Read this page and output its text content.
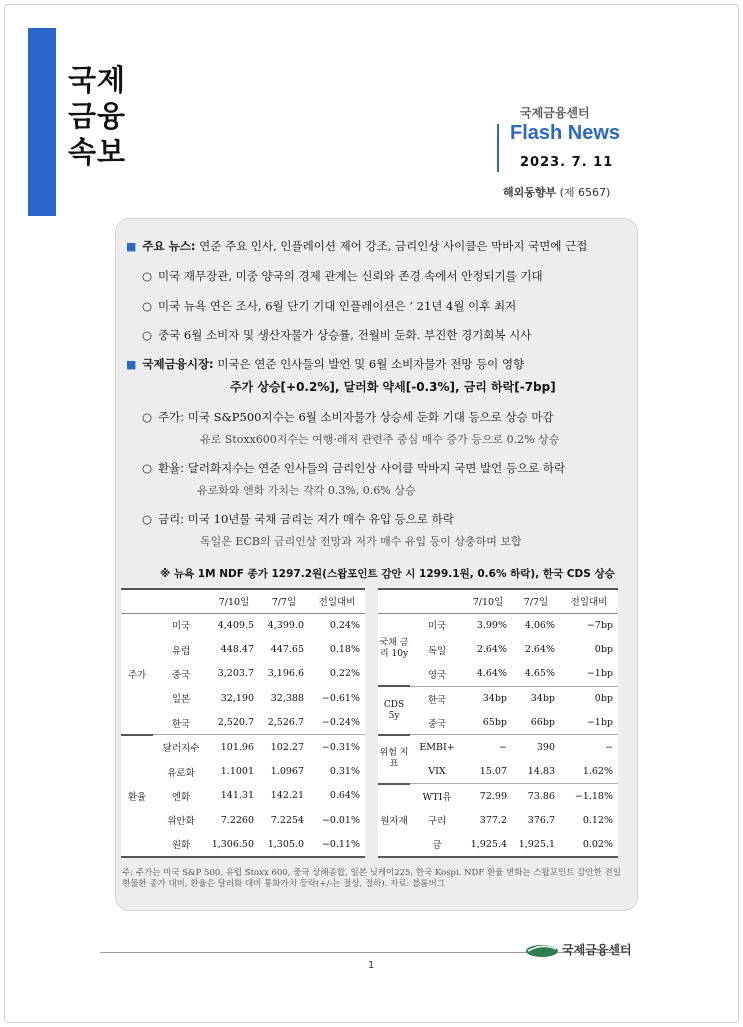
국제
금융
속보
국제금융센터
Flash News
2023. 7. 11
해외동향부 (제 6567)
■ 주요 뉴스: 연준 주요 인사, 인플레이션 제어 강조, 금리인상 사이클은 막바지 국면에 근접
○ 미국 재무장관, 미중 양국의 경제 관계는 신뢰와 존경 속에서 안정되기를 기대
○ 미국 뉴욕 연은 조사, 6월 단기 기대 인플레이션은 ’ 21년 4월 이후 최저
○ 중국 6월 소비자 및 생산자물가 상승률, 전월비 둔화. 부진한 경기회복 시사
■ 국제금융시장: 미국은 연준 인사들의 발언 및 6월 소비자물가 전망 등이 영향
주가 상승[+0.2%], 달러화 약세[-0.3%], 금리 하락[-7bp]
○ 주가: 미국 S&P500지수는 6월 소비자물가 상승세 둔화 기대 등으로 상승 마감
유로 Stoxx600지수는 여행·레저 관련주 중심 매수 증가 등으로 0.2% 상승
○ 환율: 달러화지수는 연준 인사들의 금리인상 사이클 막바지 국면 발언 등으로 하락
유로화와 엔화 가치는 각각 0.3%, 0.6% 상승
○ 금리: 미국 10년물 국채 금리는 저가 매수 유입 등으로 하락
독일은 ECB의 금리인상 전망과 저가 매수 유입 등이 상충하며 보합
※ 뉴욕 1M NDF 종가 1297.2원(스왑포인트 감안 시 1299.1원, 0.6% 하락), 한국 CDS 상승
		7/10일	7/7일	전일대비
주가	미국	4,409.5	4,399.0	0.24%
	유럽	448.47	447.65	0.18%
	중국	3,203.7	3,196.6	0.22%
	일본	32,190	32,388	−0.61%
	한국	2,520.7	2,526.7	−0.24%
환율	달러지수	101.96	102.27	−0.31%
	유로화	1.1001	1.0967	0.31%
	엔화	141.31	142.21	0.64%
	위안화	7.2260	7.2254	−0.01%
	원화	1,306.50	1,305.0	−0.11%
		7/10일	7/7일	전일대비
국채 금리 10y	미국	3.99%	4.06%	−7bp
	독일	2.64%	2.64%	0bp
	영국	4.64%	4.65%	−1bp
CDS 5y	한국	34bp	34bp	0bp
	중국	65bp	66bp	−1bp
위험 지표	EMBI+	−	390	−
	VIX	15.07	14.83	1.62%
원자재	WTI유	72.99	73.86	−1.18%
	구리	377.2	376.7	0.12%
	금	1,925.4	1,925.1	0.02%
주: 주가는 미국 S&P 500, 유럽 Stoxx 600, 중국 상해종합, 일본 닛케이225, 한국 Kospi. NDF 환율 변화는 스왑포인트 감안한 전일 현물환 종가 대비, 환율은 달러화 대비 통화가치 등락(+/-는 절상, 절하). 자료: 블룸버그
국제금융센터
1
